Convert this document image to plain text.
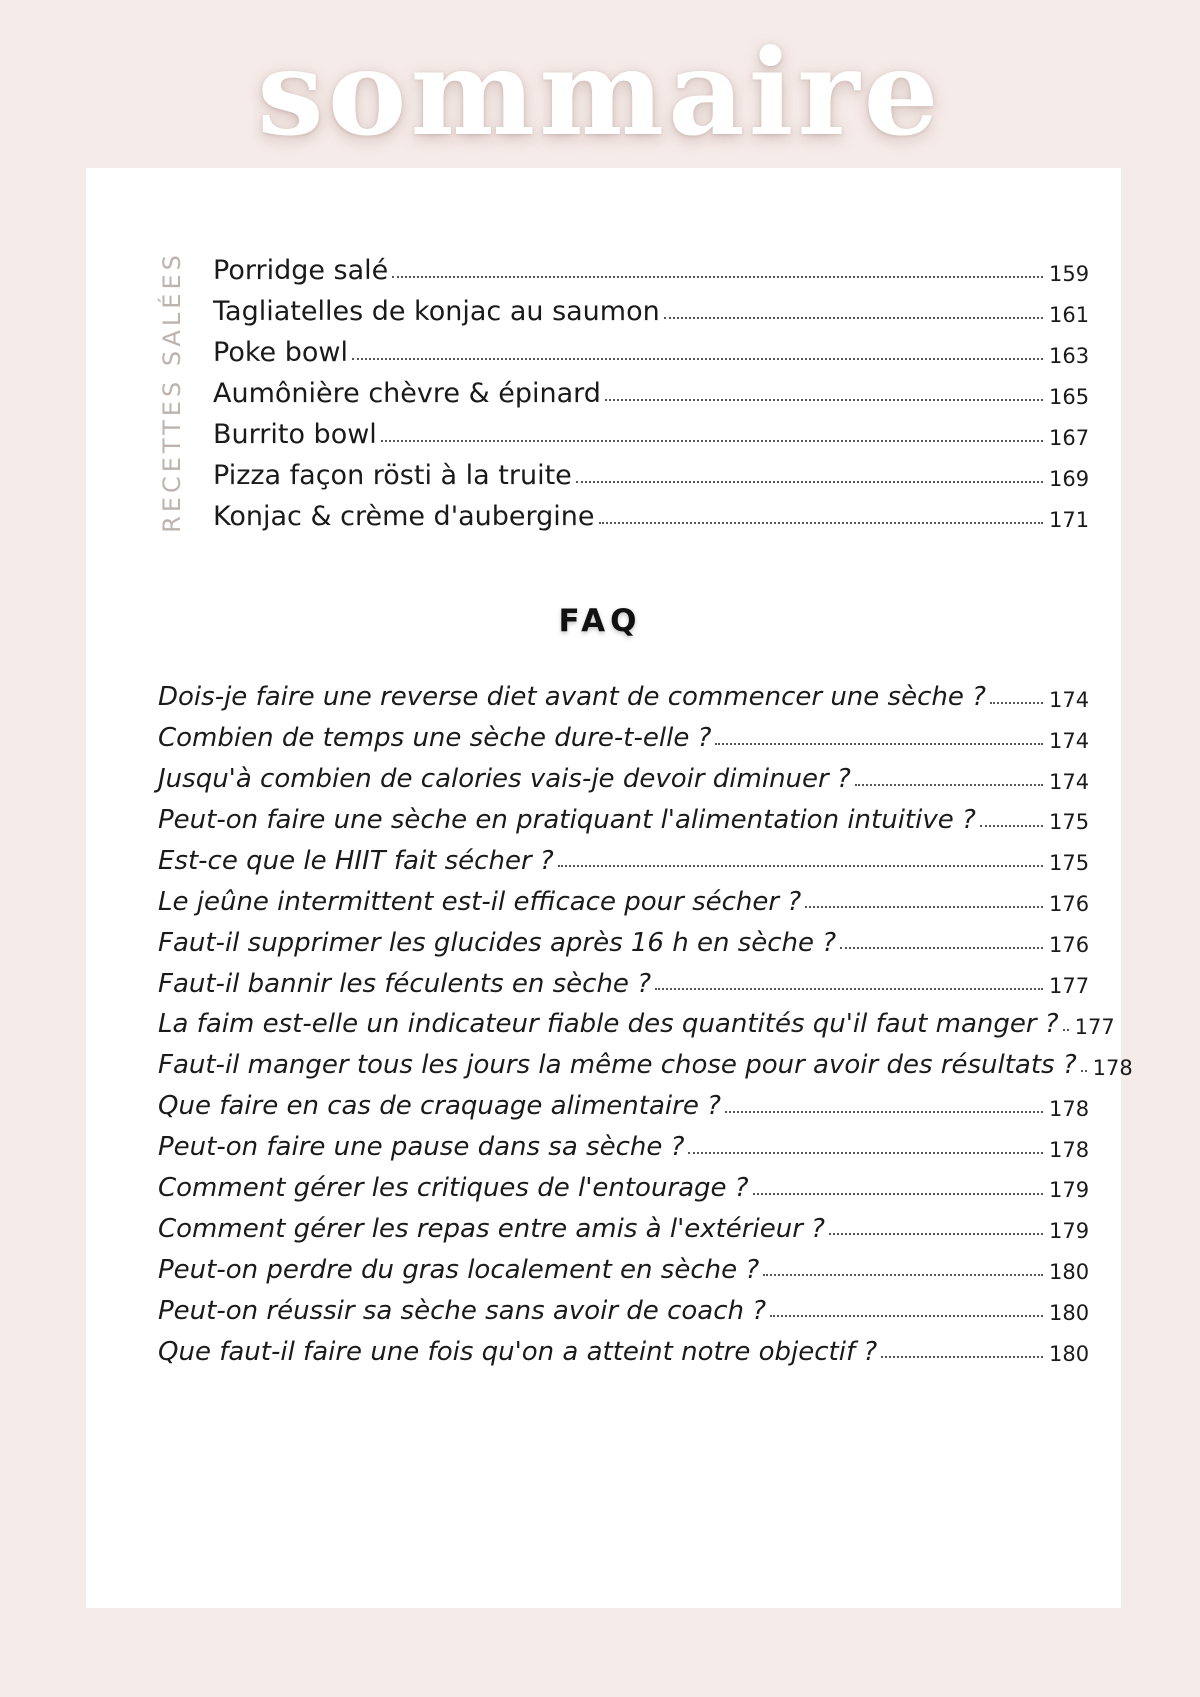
sommaire
RECETTES SALÉES Porridge salé	159
Tagliatelles de konjac au saumon	161
Poke bowl	163
Aumônière chèvre & épinard	165
Burrito bowl	167
Pizza façon rösti à la truite	169
Konjac & crème d'aubergine	171
FAQ
Dois-je faire une reverse diet avant de commencer une sèche ?	174
Combien de temps une sèche dure-t-elle ?	174
Jusqu'à combien de calories vais-je devoir diminuer ?	174
Peut-on faire une sèche en pratiquant l'alimentation intuitive ?	175
Est-ce que le HIIT fait sécher ?	175
Le jeûne intermittent est-il efficace pour sécher ?	176
Faut-il supprimer les glucides après 16 h en sèche ?	176
Faut-il bannir les féculents en sèche ?	177
La faim est-elle un indicateur fiable des quantités qu'il faut manger ? 177
Faut-il manger tous les jours la même chose pour avoir des résultats ? 178
Que faire en cas de craquage alimentaire ?	178
Peut-on faire une pause dans sa sèche ?	178
Comment gérer les critiques de l'entourage ?	179
Comment gérer les repas entre amis à l'extérieur ?	179
Peut-on perdre du gras localement en sèche ?	180
Peut-on réussir sa sèche sans avoir de coach ?	180
Que faut-il faire une fois qu'on a atteint notre objectif ?	180
